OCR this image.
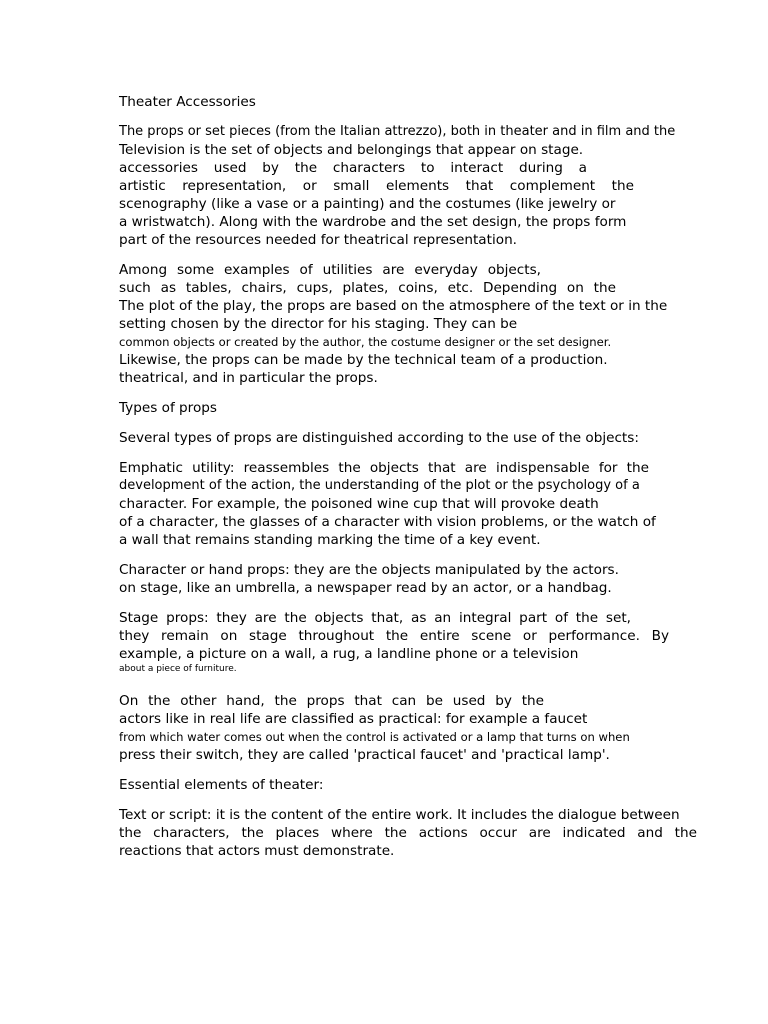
Theater Accessories
The props or set pieces (from the Italian attrezzo), both in theater and in film and the
Television is the set of objects and belongings that appear on stage.
accessories used by the characters to interact during a
artistic representation, or small elements that complement the
scenography (like a vase or a painting) and the costumes (like jewelry or
a wristwatch). Along with the wardrobe and the set design, the props form
part of the resources needed for theatrical representation.
Among some examples of utilities are everyday objects,
such as tables, chairs, cups, plates, coins, etc. Depending on the
The plot of the play, the props are based on the atmosphere of the text or in the
setting chosen by the director for his staging. They can be
common objects or created by the author, the costume designer or the set designer.
Likewise, the props can be made by the technical team of a production.
theatrical, and in particular the props.
Types of props
Several types of props are distinguished according to the use of the objects:
Emphatic utility: reassembles the objects that are indispensable for the
development of the action, the understanding of the plot or the psychology of a
character. For example, the poisoned wine cup that will provoke death
of a character, the glasses of a character with vision problems, or the watch of
a wall that remains standing marking the time of a key event.
Character or hand props: they are the objects manipulated by the actors.
on stage, like an umbrella, a newspaper read by an actor, or a handbag.
Stage props: they are the objects that, as an integral part of the set,
they remain on stage throughout the entire scene or performance. By
example, a picture on a wall, a rug, a landline phone or a television
about a piece of furniture.
On the other hand, the props that can be used by the
actors like in real life are classified as practical: for example a faucet
from which water comes out when the control is activated or a lamp that turns on when
press their switch, they are called 'practical faucet' and 'practical lamp'.
Essential elements of theater:
Text or script: it is the content of the entire work. It includes the dialogue between
the characters, the places where the actions occur are indicated and the
reactions that actors must demonstrate.
